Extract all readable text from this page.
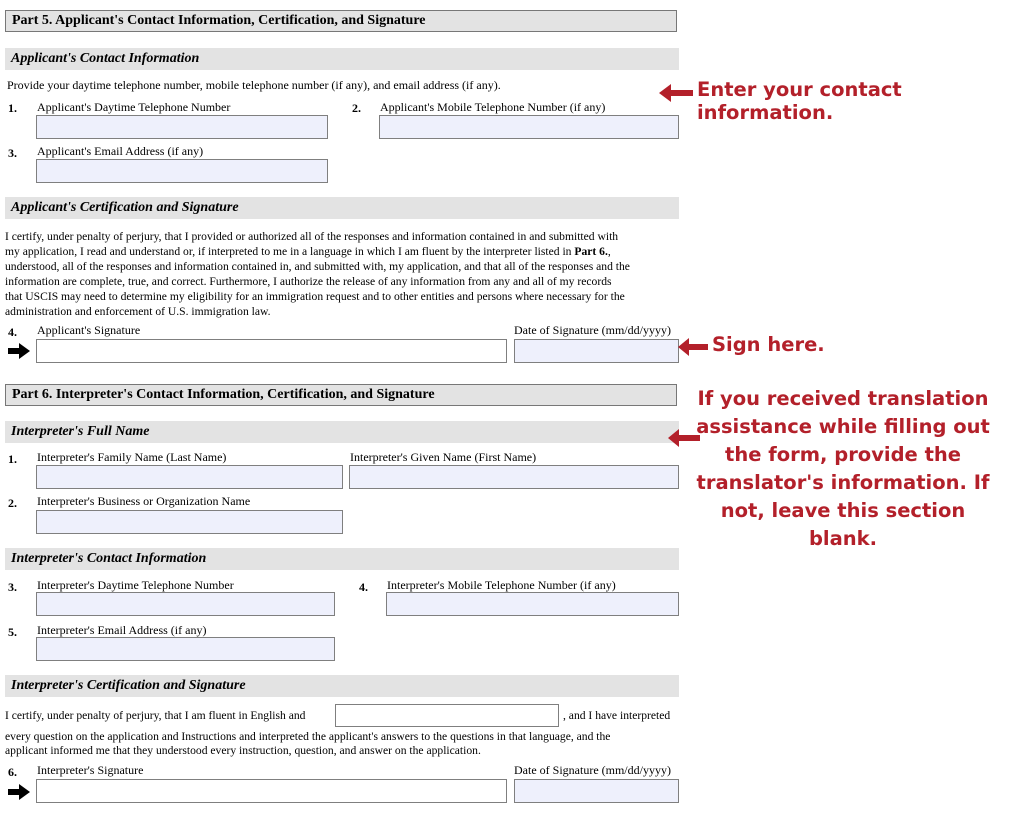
Part 5. Applicant's Contact Information, Certification, and Signature
Applicant's Contact Information
Provide your daytime telephone number, mobile telephone number (if any), and email address (if any).
1. Applicant's Daytime Telephone Number	2. Applicant's Mobile Telephone Number (if any)
3. Applicant's Email Address (if any)
Applicant's Certification and Signature
I certify, under penalty of perjury, that I provided or authorized all of the responses and information contained in and submitted with
my application, I read and understand or, if interpreted to me in a language in which I am fluent by the interpreter listed in Part 6.,
understood, all of the responses and information contained in, and submitted with, my application, and that all of the responses and the
information are complete, true, and correct. Furthermore, I authorize the release of any information from any and all of my records
that USCIS may need to determine my eligibility for an immigration request and to other entities and persons where necessary for the
administration and enforcement of U.S. immigration law.
4. Applicant's Signature	Date of Signature (mm/dd/yyyy)
Part 6. Interpreter's Contact Information, Certification, and Signature
Interpreter's Full Name
1. Interpreter's Family Name (Last Name)	Interpreter's Given Name (First Name)
2. Interpreter's Business or Organization Name
Interpreter's Contact Information
3. Interpreter's Daytime Telephone Number	4. Interpreter's Mobile Telephone Number (if any)
5. Interpreter's Email Address (if any)
Interpreter's Certification and Signature
I certify, under penalty of perjury, that I am fluent in English and	, and I have interpreted
every question on the application and Instructions and interpreted the applicant's answers to the questions in that language, and the
applicant informed me that they understood every instruction, question, and answer on the application.
6. Interpreter's Signature	Date of Signature (mm/dd/yyyy)
Enter your contact information.
Sign here.
If you received translation
assistance while filling out
the form, provide the
translator's information. If
not, leave this section blank.
